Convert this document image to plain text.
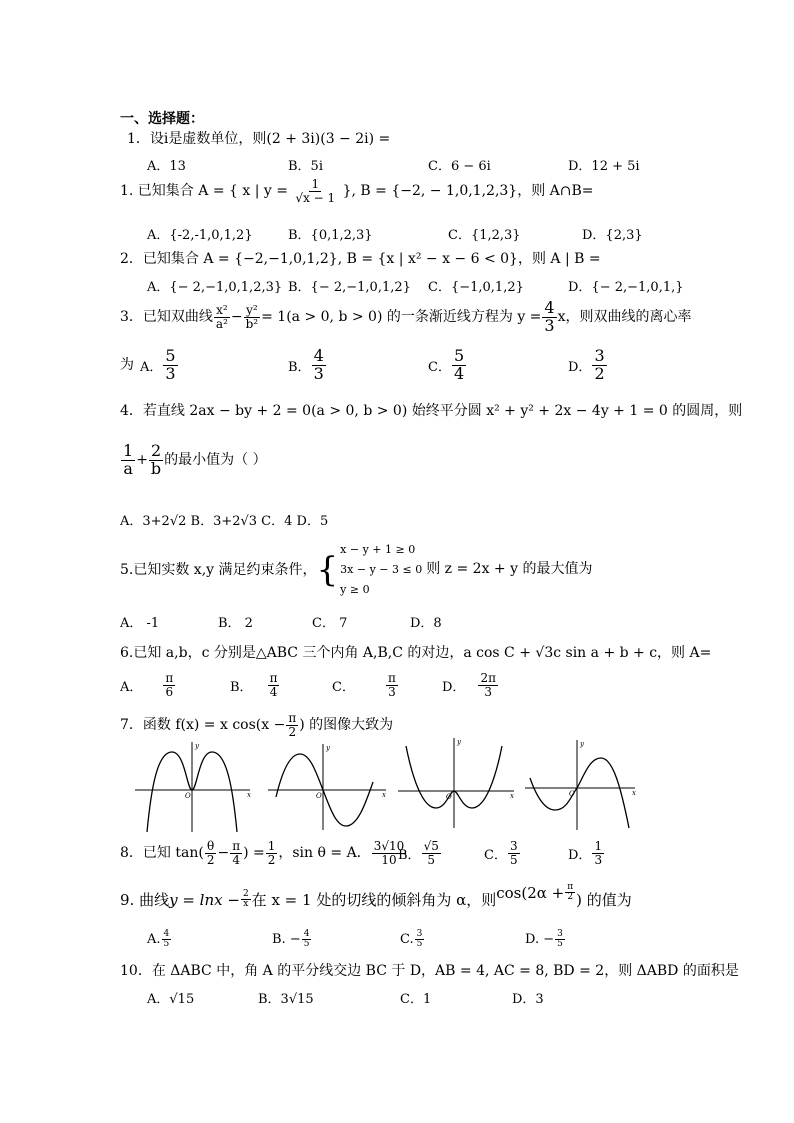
一、选择题：
1．设i是虚数单位，则(2 + 3i)(3 − 2i) =
A．13	B．5i	C．6 − 6i	D．12 + 5i
1. 已知集合 A = { x | $y = \frac{1}{√x - 1}$ }, B = {−2, − 1,0,1,2,3}，则 A∩B=
A．{-2,-1,0,1,2}	B．{0,1,2,3}	C．{1,2,3}	D．{2,3}
2．已知集合 A = {−2,−1,0,1,2}, B = {x | x² − x − 6 < 0}，则 A | B =
A．{− 2,−1,0,1,2,3} B．{− 2,−1,0,1,2} C．{−1,0,1,2}	D．{− 2,−1,0,1,}
3．已知双曲线 $\frac{\text{x²}}{\text{a²}} - \frac{\text{y²}}{\text{b²}} = 1(a > 0$, b > 0) 的一条渐近线方程为 $y = \frac{4}{3}$ x，则双曲线的离心率
为 A． $\frac{5}{3}$	B． $\frac{4}{3}$	C． $\frac{5}{4}$	D． $\frac{3}{2}$
4．若直线 2ax − by + 2 = 0(a > 0, b > 0) 始终平分圆 x² + y² + 2x − 4y + 1 = 0 的圆周，则
$\frac{1}{a} + \frac{2}{b}$ 的最小值为（ ）
A．3+2√2 B．3+2√3 C．4 D．5
5.已知实数 x,y 满足约束条件， {
x − y + 1 ≥ 0
3x − y − 3 ≤ 0
y ≥ 0
则 z = 2x + y 的最大值为
A． -1	B． 2	C． 7	D．8
6.已知 a,b，c 分别是△ABC 三个内角 A,B,C 的对边，a cos C + √3c sin a + b + c，则 A=
A． $\frac{\pi}{6}$	B． $\frac{\pi}{4}$	C．	$\frac{\pi}{3}$	D． $\frac{2\pi}{3}$
7．函数 f(x) = x $\cos(x - \frac{\pi}{2}$ ) 的图像大致为
y
x
O
y
x
O
y
x
O
y
x
O
8．已知 $\tan( \frac{\theta}{2} - \frac{\pi}{4}$ ) = $\frac{1}{2}$ ，sin θ = A． $\frac{3√10}{10}$
B． $\frac{√5}{5}$	C． $\frac{3}{5}$	D． $\frac{1}{3}$
9. 曲线 $y = \ln x - \frac{2}{x}$ 在 x = 1 处的切线的倾斜角为 α，则 $\cos(2\alpha + \frac{\pi}{2}$ ) 的值为
A. $\frac{4}{5}$	B. − $\frac{4}{5}$	C. $\frac{3}{5}$	D. − $\frac{3}{5}$
10．在 ΔABC 中，角 A 的平分线交边 BC 于 D，AB = 4, AC = 8, BD = 2，则 ΔABD 的面积是
A．√15	B．3√15	C．1	D．3
